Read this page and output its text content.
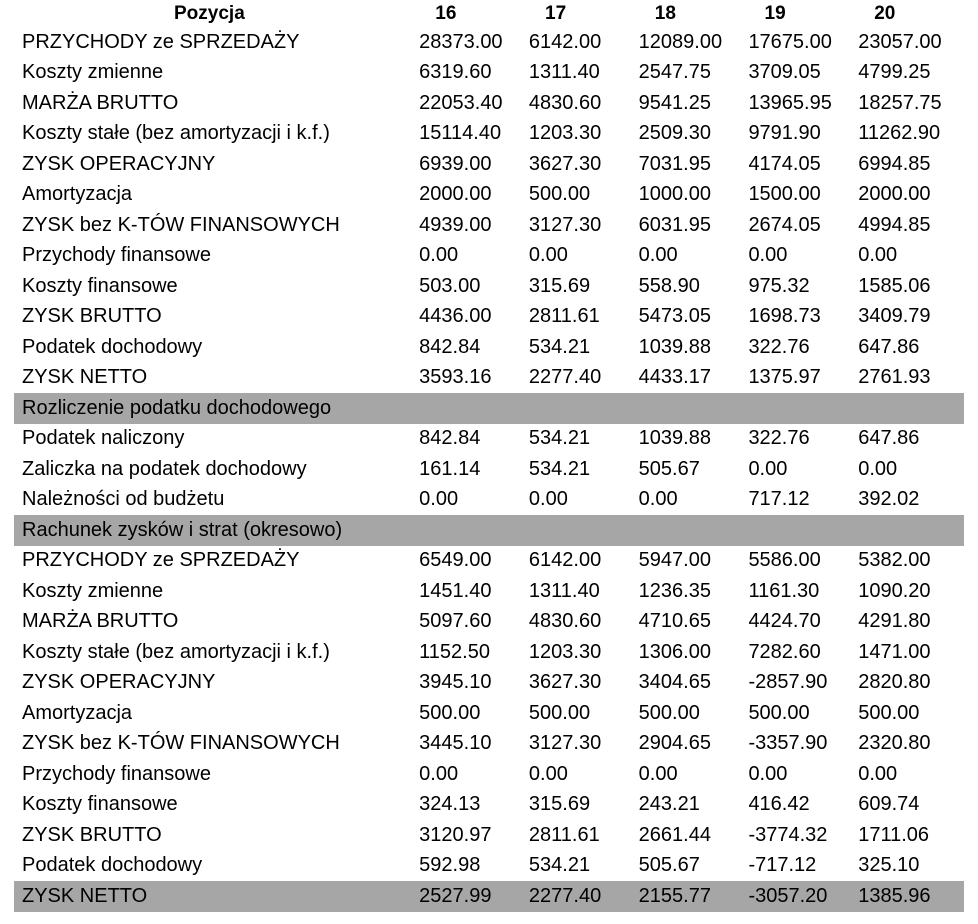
Pozycja	16	17	18	19	20
PRZYCHODY ze SPRZEDAŻY	28373.00	6142.00	12089.00	17675.00	23057.00
Koszty zmienne	6319.60	1311.40	2547.75	3709.05	4799.25
MARŻA BRUTTO	22053.40	4830.60	9541.25	13965.95	18257.75
Koszty stałe (bez amortyzacji i k.f.)	15114.40	1203.30	2509.30	9791.90	11262.90
ZYSK OPERACYJNY	6939.00	3627.30	7031.95	4174.05	6994.85
Amortyzacja	2000.00	500.00	1000.00	1500.00	2000.00
ZYSK bez K-TÓW FINANSOWYCH	4939.00	3127.30	6031.95	2674.05	4994.85
Przychody finansowe	0.00	0.00	0.00	0.00	0.00
Koszty finansowe	503.00	315.69	558.90	975.32	1585.06
ZYSK BRUTTO	4436.00	2811.61	5473.05	1698.73	3409.79
Podatek dochodowy	842.84	534.21	1039.88	322.76	647.86
ZYSK NETTO	3593.16	2277.40	4433.17	1375.97	2761.93
Rozliczenie podatku dochodowego
Podatek naliczony	842.84	534.21	1039.88	322.76	647.86
Zaliczka na podatek dochodowy	161.14	534.21	505.67	0.00	0.00
Należności od budżetu	0.00	0.00	0.00	717.12	392.02
Rachunek zysków i strat (okresowo)
PRZYCHODY ze SPRZEDAŻY	6549.00	6142.00	5947.00	5586.00	5382.00
Koszty zmienne	1451.40	1311.40	1236.35	1161.30	1090.20
MARŻA BRUTTO	5097.60	4830.60	4710.65	4424.70	4291.80
Koszty stałe (bez amortyzacji i k.f.)	1152.50	1203.30	1306.00	7282.60	1471.00
ZYSK OPERACYJNY	3945.10	3627.30	3404.65	-2857.90	2820.80
Amortyzacja	500.00	500.00	500.00	500.00	500.00
ZYSK bez K-TÓW FINANSOWYCH	3445.10	3127.30	2904.65	-3357.90	2320.80
Przychody finansowe	0.00	0.00	0.00	0.00	0.00
Koszty finansowe	324.13	315.69	243.21	416.42	609.74
ZYSK BRUTTO	3120.97	2811.61	2661.44	-3774.32	1711.06
Podatek dochodowy	592.98	534.21	505.67	-717.12	325.10
ZYSK NETTO	2527.99	2277.40	2155.77	-3057.20	1385.96
